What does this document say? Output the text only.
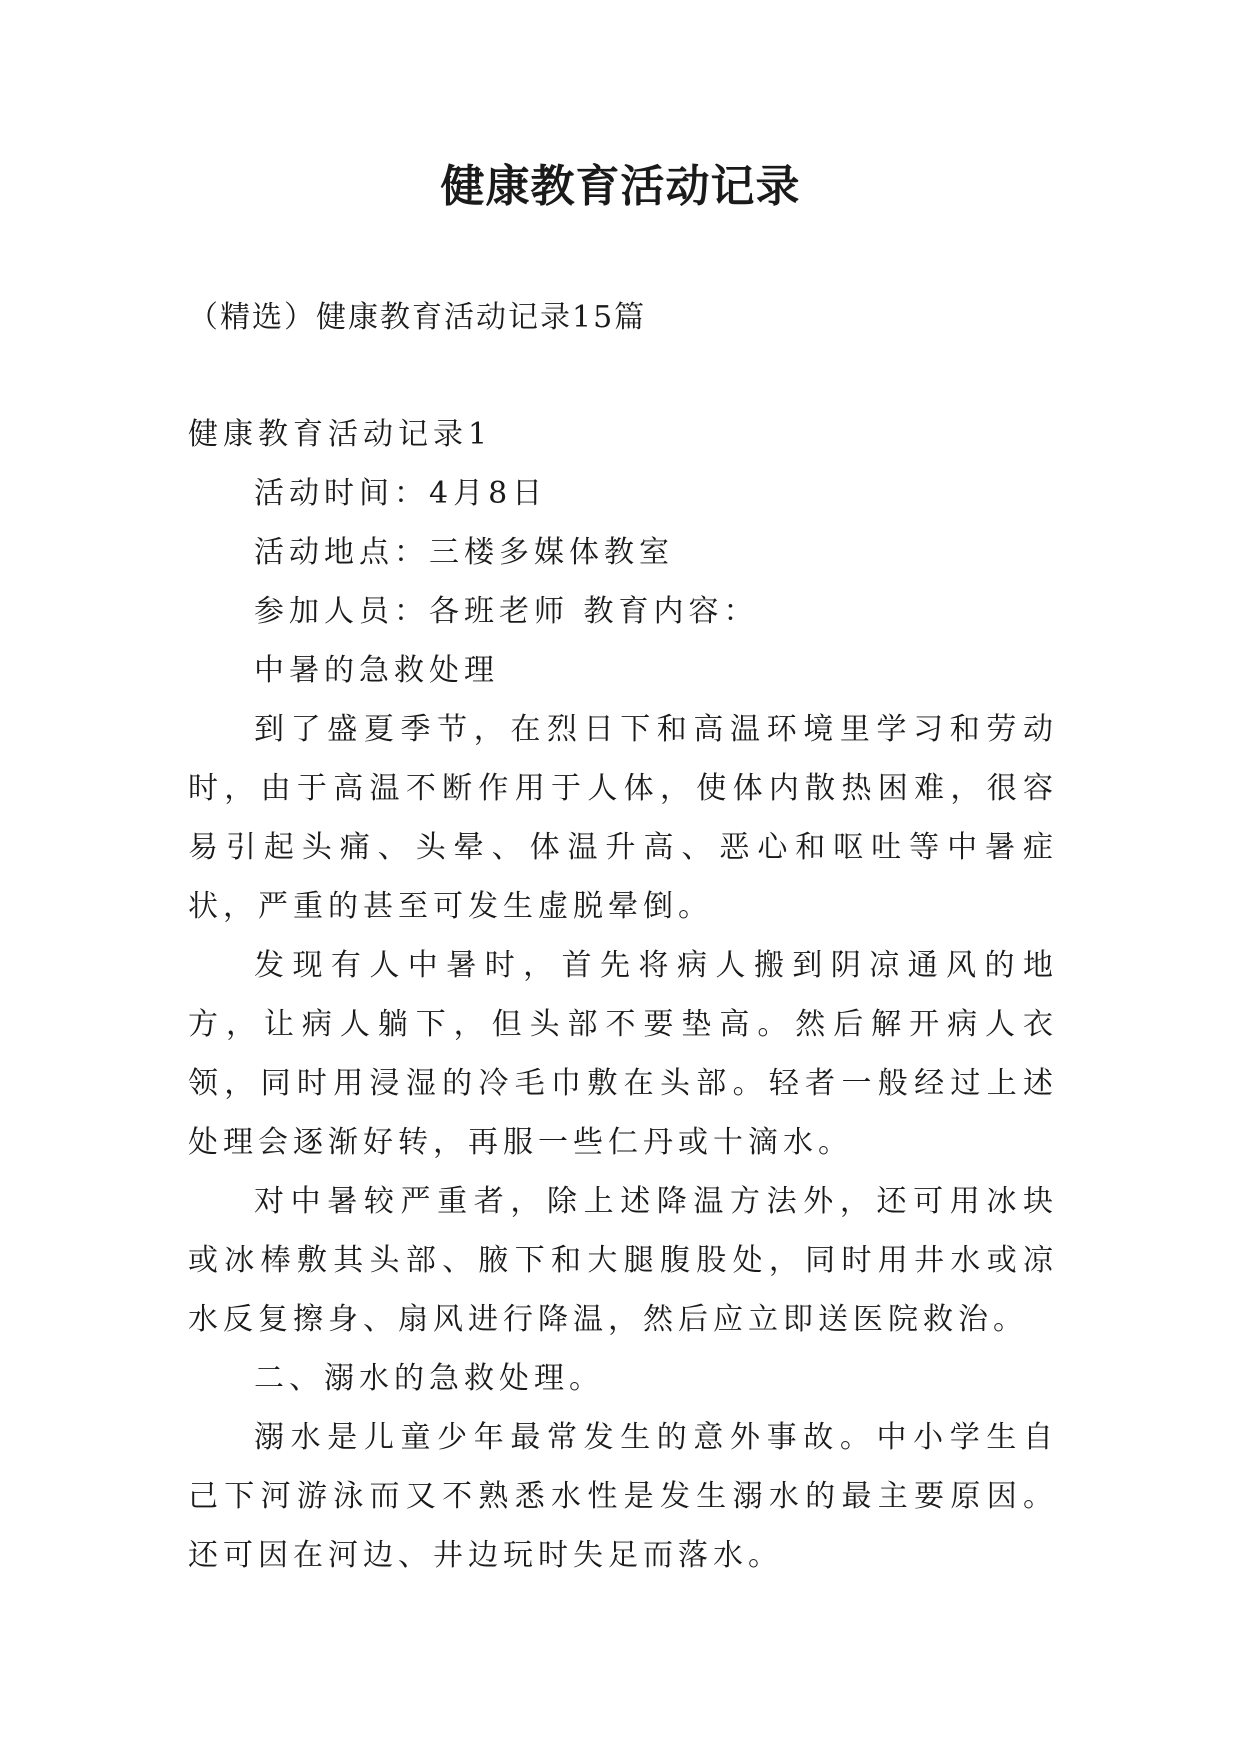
健康教育活动记录

（精选）健康教育活动记录15篇

健康教育活动记录1

活动时间：4月8日

活动地点：三楼多媒体教室

参加人员：各班老师 教育内容：

中暑的急救处理

到了盛夏季节，在烈日下和高温环境里学习和劳动时，由于高温不断作用于人体，使体内散热困难，很容易引起头痛、头晕、体温升高、恶心和呕吐等中暑症状，严重的甚至可发生虚脱晕倒。

发现有人中暑时，首先将病人搬到阴凉通风的地方，让病人躺下，但头部不要垫高。然后解开病人衣领，同时用浸湿的冷毛巾敷在头部。轻者一般经过上述处理会逐渐好转，再服一些仁丹或十滴水。

对中暑较严重者，除上述降温方法外，还可用冰块或冰棒敷其头部、腋下和大腿腹股处，同时用井水或凉水反复擦身、扇风进行降温，然后应立即送医院救治。

二、溺水的急救处理。

溺水是儿童少年最常发生的意外事故。中小学生自己下河游泳而又不熟悉水性是发生溺水的最主要原因。还可因在河边、井边玩时失足而落水。
